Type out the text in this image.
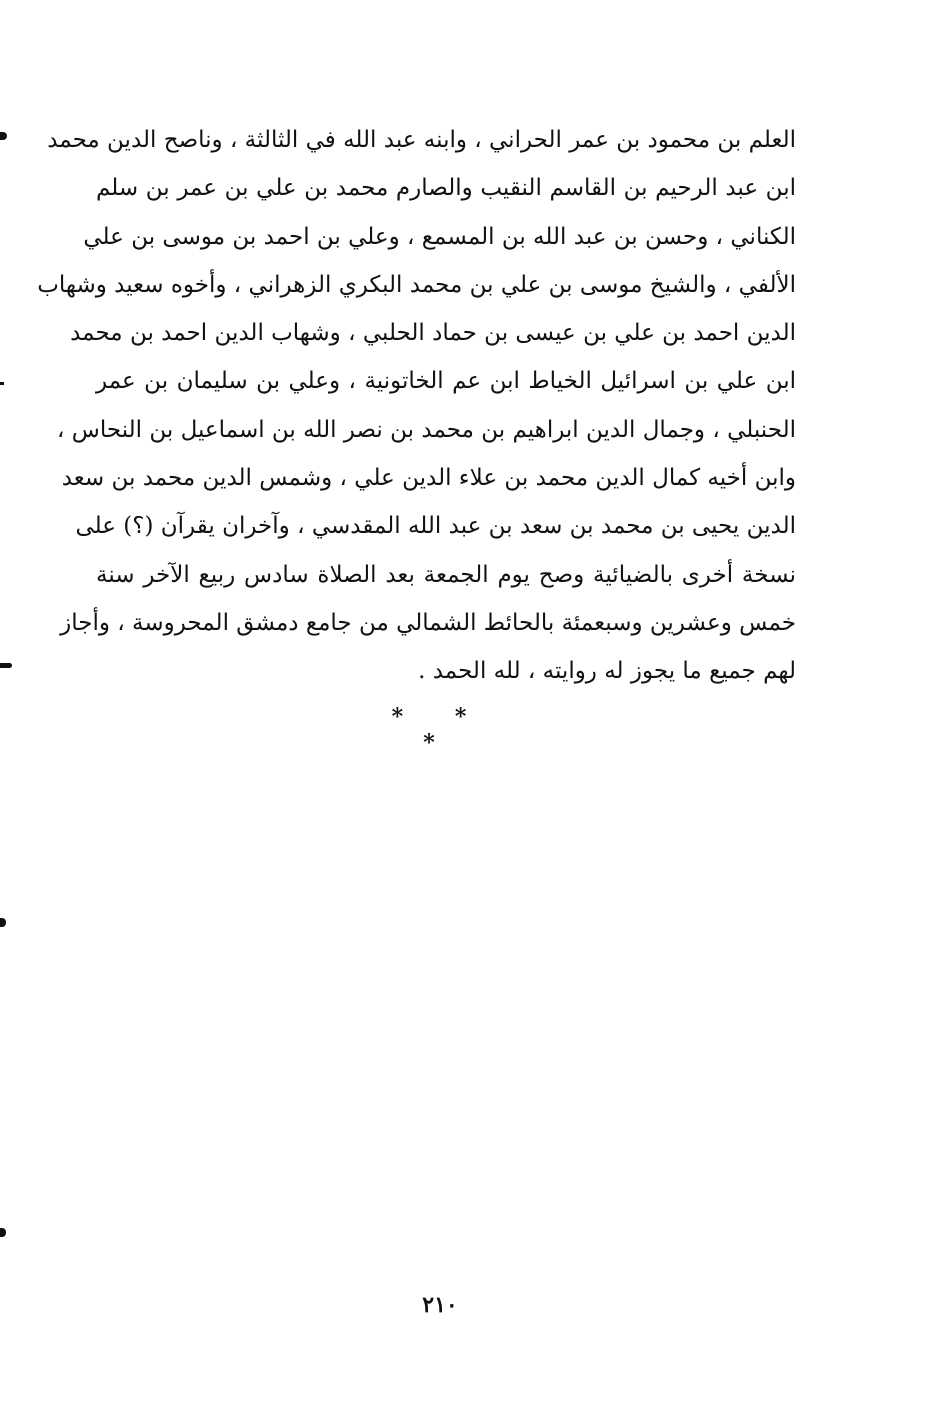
العلم بن محمود بن عمر الحراني ، وابنه عبد الله في الثالثة ، وناصح الدين محمد
ابن عبد الرحيم بن القاسم النقيب والصارم محمد بن علي بن عمر بن سلم
الكناني ، وحسن بن عبد الله بن المسمع ، وعلي بن احمد بن موسى بن علي
الألفي ، والشيخ موسى بن علي بن محمد البكري الزهراني ، وأخوه سعيد وشهاب
الدين احمد بن علي بن عيسى بن حماد الحلبي ، وشهاب الدين احمد بن محمد
ابن علي بن اسرائيل الخياط ابن عم الخاتونية ، وعلي بن سليمان بن عمر
الحنبلي ، وجمال الدين ابراهيم بن محمد بن نصر الله بن اسماعيل بن النحاس ،
وابن أخيه كمال الدين محمد بن علاء الدين علي ، وشمس الدين محمد بن سعد
الدين يحيى بن محمد بن سعد بن عبد الله المقدسي ، وآخران يقرآن (؟) على
نسخة أخرى بالضيائية وصح يوم الجمعة بعد الصلاة سادس ربيع الآخر سنة
خمس وعشرين وسبعمئة بالحائط الشمالي من جامع دمشق المحروسة ، وأجاز
لهم جميع ما يجوز له روايته ، لله الحمد .
* * *
٢١٠
